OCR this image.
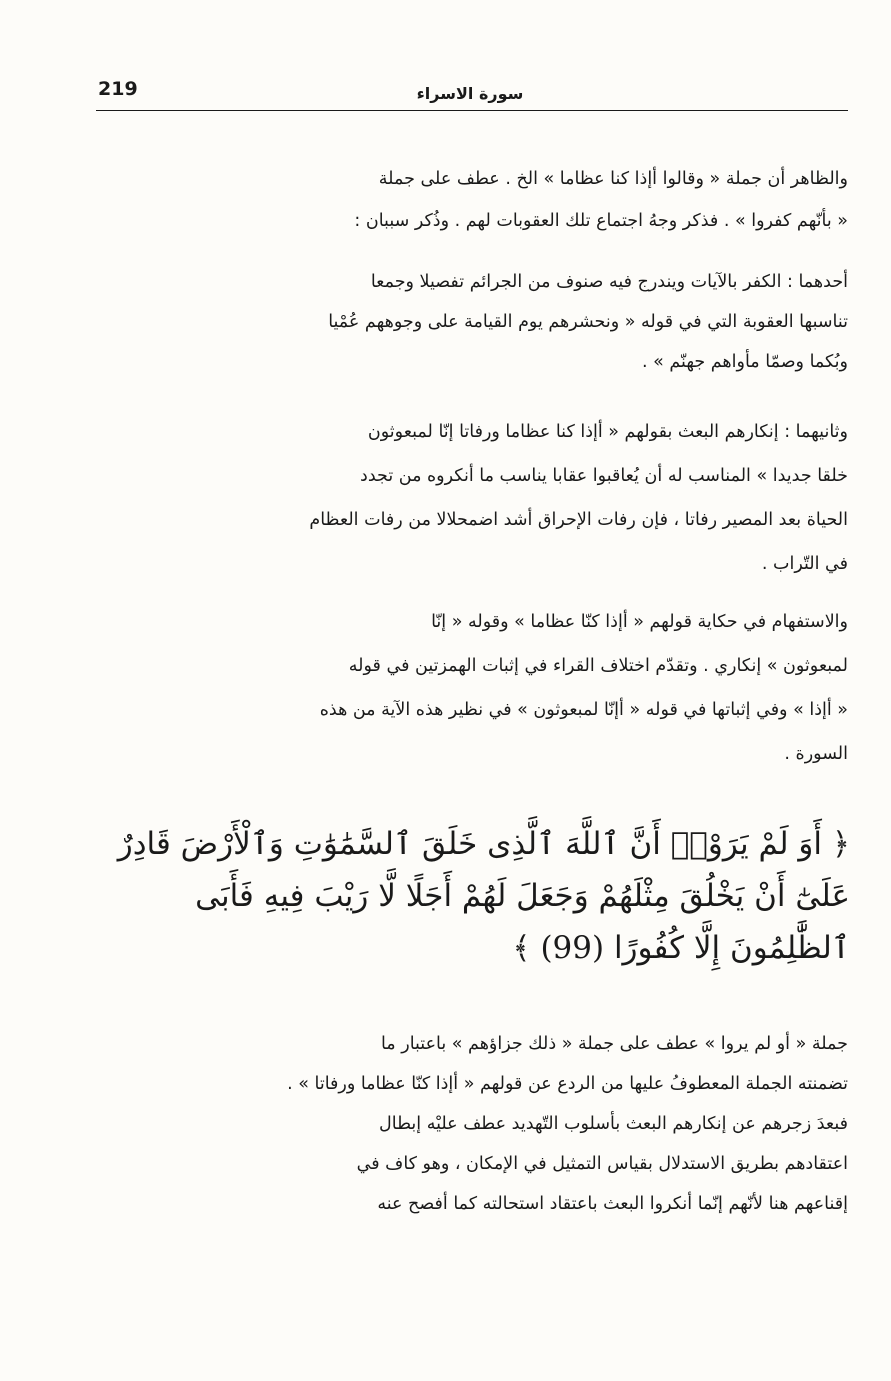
219	سورة الاسراء

والظاهر أن جملة « وقالوا أإذا كنا عظاما » الخ . عطف على جملة
« بأنّهم كفروا » . فذكر وجهُ اجتماع تلك العقوبات لهم . وذُكر سببان :

أحدهما : الكفر بالآيات ويندرج فيه صنوف من الجرائم تفصيلا وجمعا
تناسبها العقوبة التي في قوله « ونحشرهم يوم القيامة على وجوههم عُمْيا
وبُكما وصمّا مأواهم جهنّم » .

وثانيهما : إنكارهم البعث بقولهم « أإذا كنا عظاما ورفاتا إنّا لمبعوثون
خلقا جديدا » المناسب له أن يُعاقبوا عقابا يناسب ما أنكروه من تجدد
الحياة بعد المصير رفاتا ، فإن رفات الإحراق أشد اضمحلالا من رفات العظام
في التّراب .

والاستفهام في حكاية قولهم « أإذا كنّا عظاما » وقوله « إنّا
لمبعوثون » إنكاري . وتقدّم اختلاف القراء في إثبات الهمزتين في قوله
« أإذا » وفي إثباتها في قوله « أإنّا لمبعوثون » في نظير هذه الآية من هذه
السورة .

﴿ أَوَ لَمْ يَرَوْا۟ أَنَّ ٱللَّهَ ٱلَّذِى خَلَقَ ٱلسَّمَٰوَٰتِ وَٱلْأَرْضَ قَادِرٌ
عَلَىٰٓ أَنْ يَخْلُقَ مِثْلَهُمْ وَجَعَلَ لَهُمْ أَجَلًا لَّا رَيْبَ فِيهِ فَأَبَى
ٱلظَّٰلِمُونَ إِلَّا كُفُورًا (99) ﴾

جملة « أو لم يروا » عطف على جملة « ذلك جزاؤهم » باعتبار ما
تضمنته الجملة المعطوفُ عليها من الردع عن قولهم « أإذا كنّا عظاما ورفاتا » .
فبعدَ زجرهم عن إنكارهم البعث بأسلوب التّهديد عطف عليْه إبطال
اعتقادهم بطريق الاستدلال بقياس التمثيل في الإمكان ، وهو كاف في
إقناعهم هنا لأنّهم إنّما أنكروا البعث باعتقاد استحالته كما أفصح عنه
